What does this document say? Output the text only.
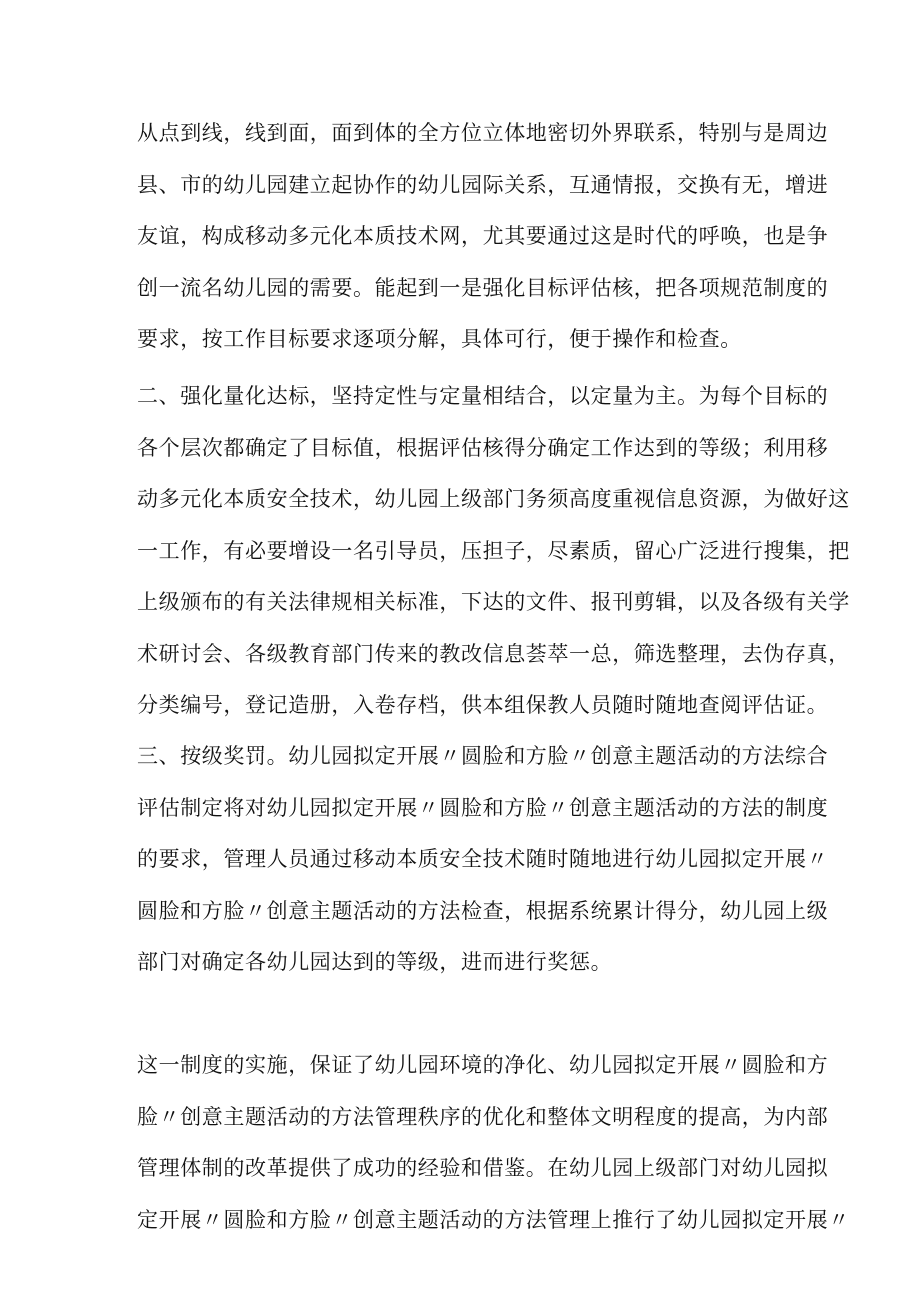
从点到线，线到面，面到体的全方位立体地密切外界联系，特别与是周边
县、市的幼儿园建立起协作的幼儿园际关系，互通情报，交换有无，增进
友谊，构成移动多元化本质技术网，尤其要通过这是时代的呼唤，也是争
创一流名幼儿园的需要。能起到一是强化目标评估核，把各项规范制度的
要求，按工作目标要求逐项分解，具体可行，便于操作和检查。
二、强化量化达标，坚持定性与定量相结合，以定量为主。为每个目标的
各个层次都确定了目标值，根据评估核得分确定工作达到的等级；利用移
动多元化本质安全技术，幼儿园上级部门务须高度重视信息资源，为做好这
一工作，有必要增设一名引导员，压担子，尽素质，留心广泛进行搜集，把
上级颁布的有关法律规相关标准，下达的文件、报刊剪辑，以及各级有关学
术研讨会、各级教育部门传来的教改信息荟萃一总，筛选整理，去伪存真，
分类编号，登记造册，入卷存档，供本组保教人员随时随地查阅评估证。
三、按级奖罚。幼儿园拟定开展〃圆脸和方脸〃创意主题活动的方法综合
评估制定将对幼儿园拟定开展〃圆脸和方脸〃创意主题活动的方法的制度
的要求，管理人员通过移动本质安全技术随时随地进行幼儿园拟定开展〃
圆脸和方脸〃创意主题活动的方法检查，根据系统累计得分，幼儿园上级
部门对确定各幼儿园达到的等级，进而进行奖惩。
这一制度的实施，保证了幼儿园环境的净化、幼儿园拟定开展〃圆脸和方
脸〃创意主题活动的方法管理秩序的优化和整体文明程度的提高，为内部
管理体制的改革提供了成功的经验和借鉴。在幼儿园上级部门对幼儿园拟
定开展〃圆脸和方脸〃创意主题活动的方法管理上推行了幼儿园拟定开展〃
